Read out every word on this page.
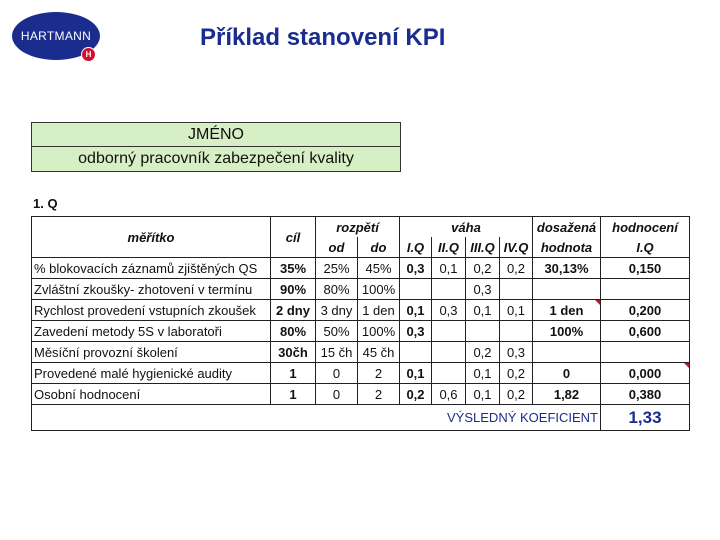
HARTMANN
H
Příklad stanovení KPI
JMÉNO
odborný pracovník zabezpečení kvality
1. Q
měřítko	cíl	rozpětí		váha				dosažená	hodnocení
		od	do	I.Q	II.Q	III.Q	IV.Q	hodnota	I.Q
% blokovacích záznamů zjištěných QS	35%	25%	45%	0,3	0,1	0,2	0,2	30,13%	0,150
Zvláštní zkoušky- zhotovení v termínu	90%	80%	100%			0,3			
Rychlost provedení vstupních zkoušek	2 dny	3 dny	1 den	0,1	0,3	0,1	0,1	1 den	0,200
Zavedení metody 5S v laboratoři	80%	50%	100%	0,3				100%	0,600
Měsíční provozní školení	30čh	15 čh	45 čh			0,2	0,3		
Provedené malé hygienické audity	1	0	2	0,1		0,1	0,2	0	0,000
Osobní hodnocení	1	0	2	0,2	0,6	0,1	0,2	1,82	0,380
VÝSLEDNÝ KOEFICIENT									1,33
